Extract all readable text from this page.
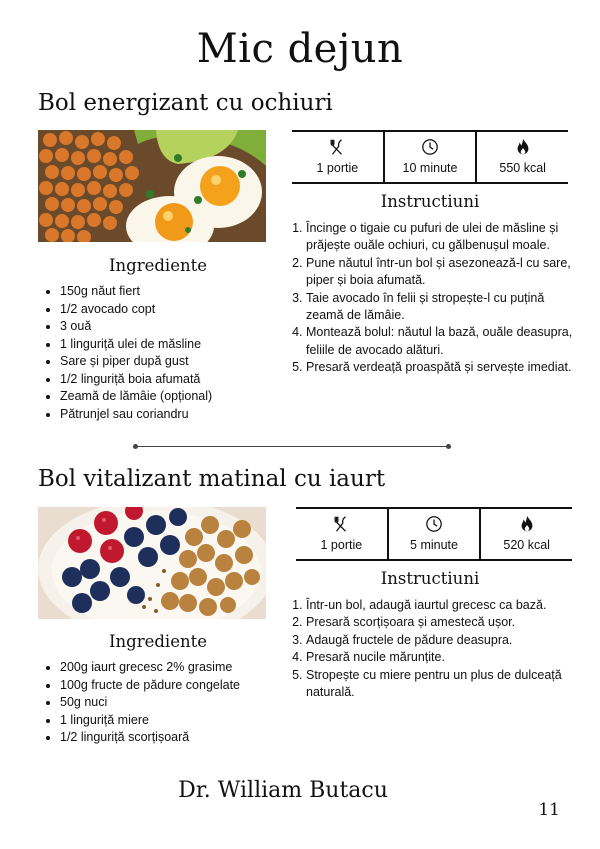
Mic dejun
Bol energizant cu ochiuri
1 portie	10 minute	550 kcal
Ingrediente
• 150g năut fiert
• 1/2 avocado copt
• 3 ouă
• 1 linguriță ulei de măsline
• Sare și piper după gust
• 1/2 linguriță boia afumată
• Zeamă de lămâie (opțional)
• Pătrunjel sau coriandru
Instructiuni
1. Încinge o tigaie cu pufuri de ulei de măsline și prăjește ouăle ochiuri, cu gălbenușul moale.
2. Pune năutul într-un bol și asezonează-l cu sare, piper și boia afumată.
3. Taie avocado în felii și stropește-l cu puțină zeamă de lămâie.
4. Montează bolul: năutul la bază, ouăle deasupra, feliile de avocado alături.
5. Presară verdeață proaspătă și servește imediat.
Bol vitalizant matinal cu iaurt
1 portie	5 minute	520 kcal
Ingrediente
• 200g iaurt grecesc 2% grasime
• 100g fructe de pădure congelate
• 50g nuci
• 1 linguriță miere
• 1/2 linguriță scorțișoară
Instructiuni
1. Într-un bol, adaugă iaurtul grecesc ca bază.
2. Presară scorțișoara și amestecă ușor.
3. Adaugă fructele de pădure deasupra.
4. Presară nucile mărunțite.
5. Stropește cu miere pentru un plus de dulceață naturală.

Dr. William Butacu

11
